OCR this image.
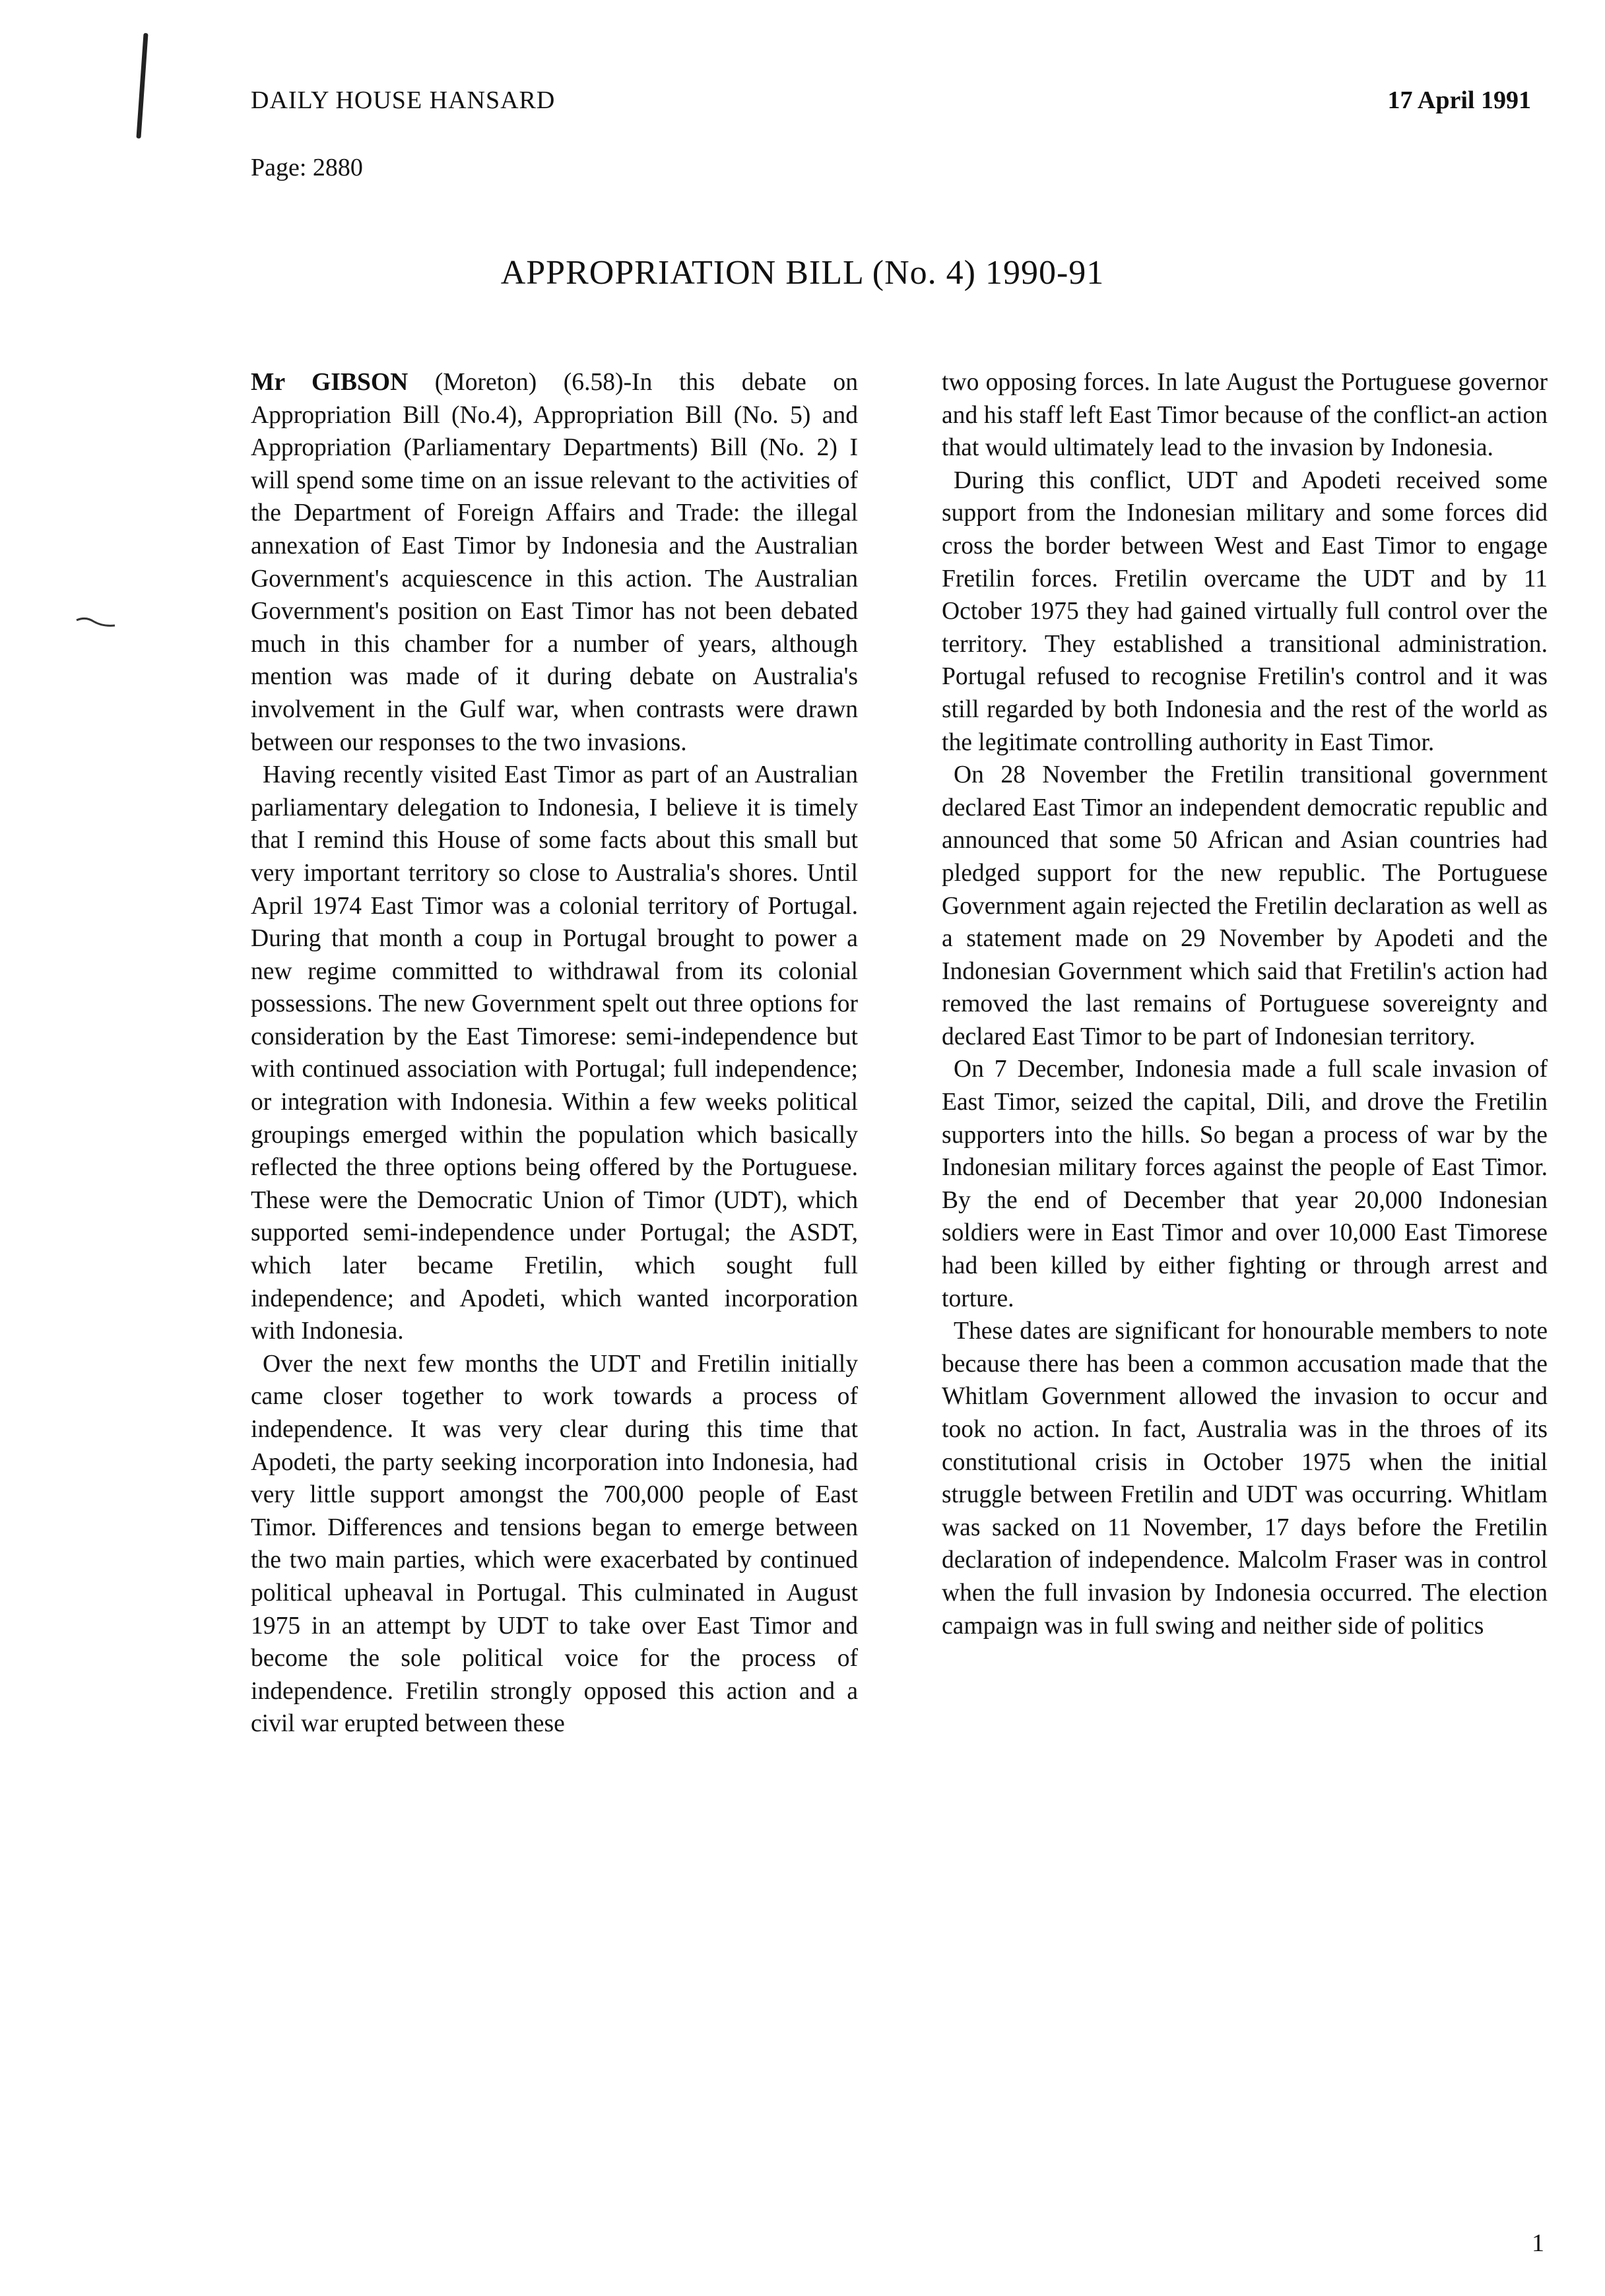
DAILY HOUSE HANSARD	17 April 1991
Page: 2880
APPROPRIATION BILL (No. 4) 1990-91

Mr GIBSON (Moreton) (6.58)-In this debate on Appropriation Bill (No.4), Appropriation Bill (No. 5) and Appropriation (Parliamentary Departments) Bill (No. 2) I will spend some time on an issue relevant to the activities of the Department of Foreign Affairs and Trade: the illegal annexation of East Timor by Indonesia and the Australian Government's acquiescence in this action. The Australian Government's position on East Timor has not been debated much in this chamber for a number of years, although mention was made of it during debate on Australia's involvement in the Gulf war, when contrasts were drawn between our responses to the two invasions.

Having recently visited East Timor as part of an Australian parliamentary delegation to Indonesia, I believe it is timely that I remind this House of some facts about this small but very important territory so close to Australia's shores. Until April 1974 East Timor was a colonial territory of Portugal. During that month a coup in Portugal brought to power a new regime committed to withdrawal from its colonial possessions. The new Government spelt out three options for consideration by the East Timorese: semi-independence but with continued association with Portugal; full independence; or integration with Indonesia. Within a few weeks political groupings emerged within the population which basically reflected the three options being offered by the Portuguese. These were the Democratic Union of Timor (UDT), which supported semi-independence under Portugal; the ASDT, which later became Fretilin, which sought full independence; and Apodeti, which wanted incorporation with Indonesia.

Over the next few months the UDT and Fretilin initially came closer together to work towards a process of independence. It was very clear during this time that Apodeti, the party seeking incorporation into Indonesia, had very little support amongst the 700,000 people of East Timor. Differences and tensions began to emerge between the two main parties, which were exacerbated by continued political upheaval in Portugal. This culminated in August 1975 in an attempt by UDT to take over East Timor and become the sole political voice for the process of independence. Fretilin strongly opposed this action and a civil war erupted between these

two opposing forces. In late August the Portuguese governor and his staff left East Timor because of the conflict-an action that would ultimately lead to the invasion by Indonesia.

During this conflict, UDT and Apodeti received some support from the Indonesian military and some forces did cross the border between West and East Timor to engage Fretilin forces. Fretilin overcame the UDT and by 11 October 1975 they had gained virtually full control over the territory. They established a transitional administration. Portugal refused to recognise Fretilin's control and it was still regarded by both Indonesia and the rest of the world as the legitimate controlling authority in East Timor.

On 28 November the Fretilin transitional government declared East Timor an independent democratic republic and announced that some 50 African and Asian countries had pledged support for the new republic. The Portuguese Government again rejected the Fretilin declaration as well as a statement made on 29 November by Apodeti and the Indonesian Government which said that Fretilin's action had removed the last remains of Portuguese sovereignty and declared East Timor to be part of Indonesian territory.

On 7 December, Indonesia made a full scale invasion of East Timor, seized the capital, Dili, and drove the Fretilin supporters into the hills. So began a process of war by the Indonesian military forces against the people of East Timor. By the end of December that year 20,000 Indonesian soldiers were in East Timor and over 10,000 East Timorese had been killed by either fighting or through arrest and torture.

These dates are significant for honourable members to note because there has been a common accusation made that the Whitlam Government allowed the invasion to occur and took no action. In fact, Australia was in the throes of its constitutional crisis in October 1975 when the initial struggle between Fretilin and UDT was occurring. Whitlam was sacked on 11 November, 17 days before the Fretilin declaration of independence. Malcolm Fraser was in control when the full invasion by Indonesia occurred. The election campaign was in full swing and neither side of politics

1
